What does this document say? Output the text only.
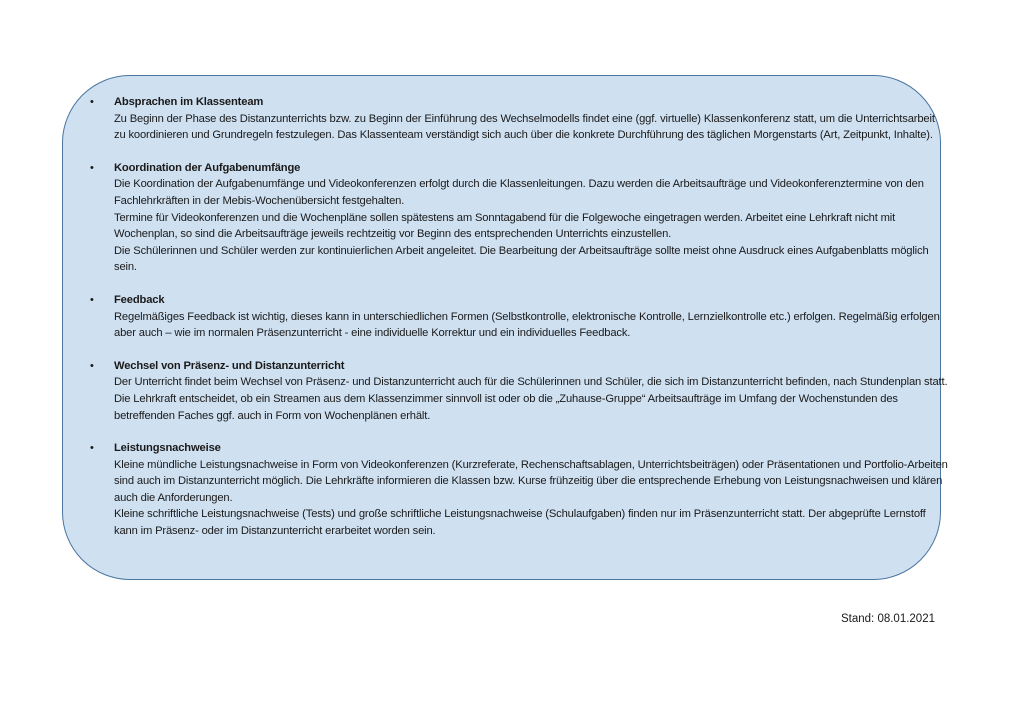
• Absprachen im Klassenteam
Zu Beginn der Phase des Distanzunterrichts bzw. zu Beginn der Einführung des Wechselmodells findet eine (ggf. virtuelle) Klassenkonferenz statt, um die Unterrichtsarbeit zu koordinieren und Grundregeln festzulegen. Das Klassenteam verständigt sich auch über die konkrete Durchführung des täglichen Morgenstarts (Art, Zeitpunkt, Inhalte).
• Koordination der Aufgabenumfänge
Die Koordination der Aufgabenumfänge und Videokonferenzen erfolgt durch die Klassenleitungen. Dazu werden die Arbeitsaufträge und Videokonferenztermine von den Fachlehrkräften in der Mebis-Wochenübersicht festgehalten.
Termine für Videokonferenzen und die Wochenpläne sollen spätestens am Sonntagabend für die Folgewoche eingetragen werden. Arbeitet eine Lehrkraft nicht mit Wochenplan, so sind die Arbeitsaufträge jeweils rechtzeitig vor Beginn des entsprechenden Unterrichts einzustellen.
Die Schülerinnen und Schüler werden zur kontinuierlichen Arbeit angeleitet. Die Bearbeitung der Arbeitsaufträge sollte meist ohne Ausdruck eines Aufgabenblatts möglich sein.
• Feedback
Regelmäßiges Feedback ist wichtig, dieses kann in unterschiedlichen Formen (Selbstkontrolle, elektronische Kontrolle, Lernzielkontrolle etc.) erfolgen. Regelmäßig erfolgen aber auch – wie im normalen Präsenzunterricht - eine individuelle Korrektur und ein individuelles Feedback.
• Wechsel von Präsenz- und Distanzunterricht
Der Unterricht findet beim Wechsel von Präsenz- und Distanzunterricht auch für die Schülerinnen und Schüler, die sich im Distanzunterricht befinden, nach Stundenplan statt. Die Lehrkraft entscheidet, ob ein Streamen aus dem Klassenzimmer sinnvoll ist oder ob die „Zuhause-Gruppe“ Arbeitsaufträge im Umfang der Wochenstunden des betreffenden Faches ggf. auch in Form von Wochenplänen erhält.
• Leistungsnachweise
Kleine mündliche Leistungsnachweise in Form von Videokonferenzen (Kurzreferate, Rechenschaftsablagen, Unterrichtsbeiträgen) oder Präsentationen und Portfolio-Arbeiten sind auch im Distanzunterricht möglich. Die Lehrkräfte informieren die Klassen bzw. Kurse frühzeitig über die entsprechende Erhebung von Leistungsnachweisen und klären auch die Anforderungen.
Kleine schriftliche Leistungsnachweise (Tests) und große schriftliche Leistungsnachweise (Schulaufgaben) finden nur im Präsenzunterricht statt. Der abgeprüfte Lernstoff kann im Präsenz- oder im Distanzunterricht erarbeitet worden sein.
Stand: 08.01.2021
